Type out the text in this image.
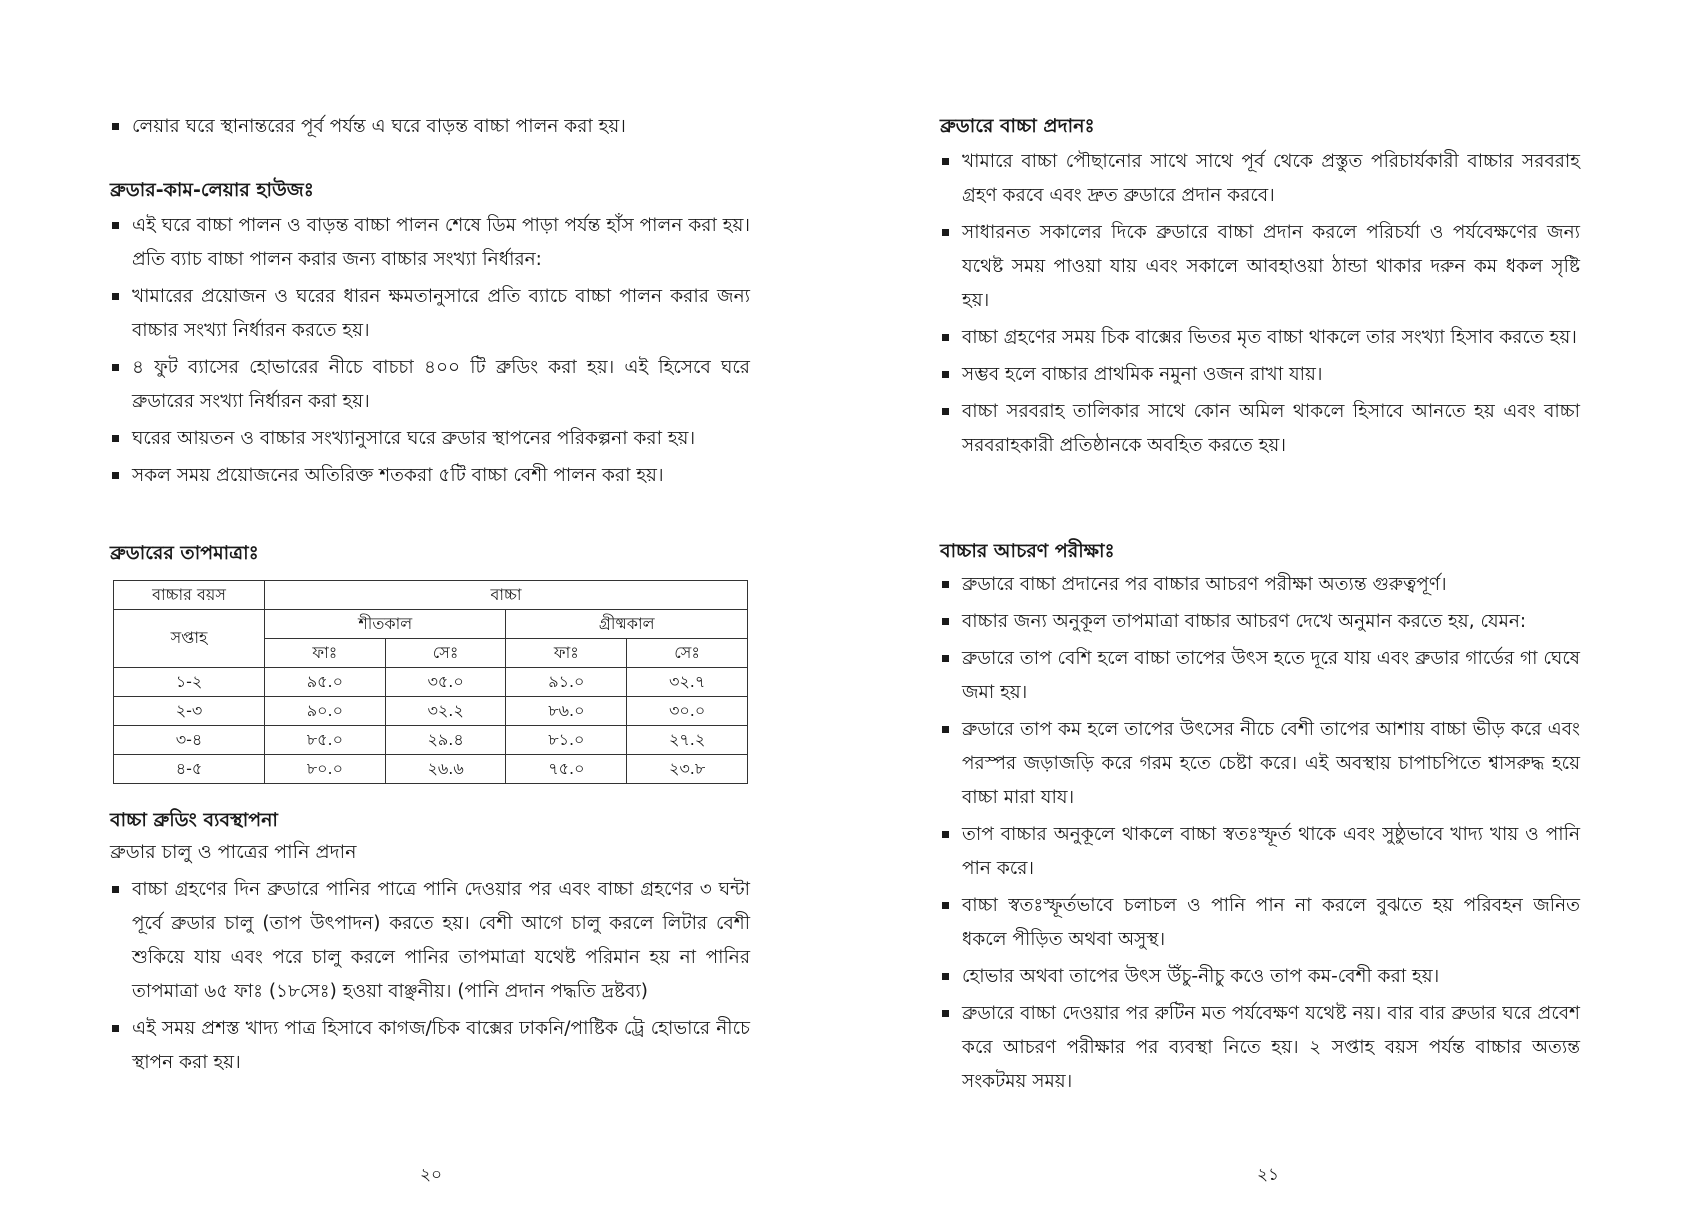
লেয়ার ঘরে স্থানান্তরের পূর্ব পর্যন্ত এ ঘরে বাড়ন্ত বাচ্চা পালন করা হয়।
ব্রুডার-কাম-লেয়ার হাউজঃ
এই ঘরে বাচ্চা পালন ও বাড়ন্ত বাচ্চা পালন শেষে ডিম পাড়া পর্যন্ত হাঁস পালন করা হয়। প্রতি ব্যাচ বাচ্চা পালন করার জন্য বাচ্চার সংখ্যা নির্ধারন:
খামারের প্রয়োজন ও ঘরের ধারন ক্ষমতানুসারে প্রতি ব্যাচে বাচ্চা পালন করার জন্য বাচ্চার সংখ্যা নির্ধারন করতে হয়।
৪ ফুট ব্যাসের হোভারের নীচে বাচচা ৪০০ টি ব্রুডিং করা হয়। এই হিসেবে ঘরে ব্রুডারের সংখ্যা নির্ধারন করা হয়।
ঘরের আয়তন ও বাচ্চার সংখ্যানুসারে ঘরে ব্রুডার স্থাপনের পরিকল্পনা করা হয়।
সকল সময় প্রয়োজনের অতিরিক্ত শতকরা ৫টি বাচ্চা বেশী পালন করা হয়।
ব্রুডারের তাপমাত্রাঃ
বাচ্চার বয়স	বাচ্চা			
সপ্তাহ	শীতকাল		গ্রীষ্মকাল	
	ফাঃ	সেঃ	ফাঃ	সেঃ
১-২	৯৫.০	৩৫.০	৯১.০	৩২.৭
২-৩	৯০.০	৩২.২	৮৬.০	৩০.০
৩-৪	৮৫.০	২৯.৪	৮১.০	২৭.২
৪-৫	৮০.০	২৬.৬	৭৫.০	২৩.৮
বাচ্চা ব্রুডিং ব্যবস্থাপনা

ব্রুডার চালু ও পাত্রের পানি প্রদান

বাচ্চা গ্রহণের দিন ব্রুডারে পানির পাত্রে পানি দেওয়ার পর এবং বাচ্চা গ্রহণের ৩ ঘন্টা পূর্বে ব্রুডার চালু (তাপ উৎপাদন) করতে হয়। বেশী আগে চালু করলে লিটার বেশী শুকিয়ে যায় এবং পরে চালু করলে পানির তাপমাত্রা যথেষ্ট পরিমান হয় না পানির তাপমাত্রা ৬৫ ফাঃ (১৮সেঃ) হওয়া বাঞ্ছনীয়। (পানি প্রদান পদ্ধতি দ্রষ্টব্য)
এই সময় প্রশস্ত খাদ্য পাত্র হিসাবে কাগজ/চিক বাক্সের ঢাকনি/পাষ্টিক ট্রে হোভারে নীচে স্থাপন করা হয়।
২০
ব্রুডারে বাচ্চা প্রদানঃ
খামারে বাচ্চা পৌছানোর সাথে সাথে পূর্ব থেকে প্রস্তুত পরিচার্যকারী বাচ্চার সরবরাহ গ্রহণ করবে এবং দ্রুত ব্রুডারে প্রদান করবে।
সাধারনত সকালের দিকে ব্রুডারে বাচ্চা প্রদান করলে পরিচর্যা ও পর্যবেক্ষণের জন্য যথেষ্ট সময় পাওয়া যায় এবং সকালে আবহাওয়া ঠান্ডা থাকার দরুন কম ধকল সৃষ্টি হয়।
বাচ্চা গ্রহণের সময় চিক বাক্সের ভিতর মৃত বাচ্চা থাকলে তার সংখ্যা হিসাব করতে হয়।
সম্ভব হলে বাচ্চার প্রাথমিক নমুনা ওজন রাখা যায়।
বাচ্চা সরবরাহ তালিকার সাথে কোন অমিল থাকলে হিসাবে আনতে হয় এবং বাচ্চা সরবরাহকারী প্রতিষ্ঠানকে অবহিত করতে হয়।
বাচ্চার আচরণ পরীক্ষাঃ
ব্রুডারে বাচ্চা প্রদানের পর বাচ্চার আচরণ পরীক্ষা অত্যন্ত গুরুত্বপূর্ণ।
বাচ্চার জন্য অনুকূল তাপমাত্রা বাচ্চার আচরণ দেখে অনুমান করতে হয়, যেমন:
ব্রুডারে তাপ বেশি হলে বাচ্চা তাপের উৎস হতে দূরে যায় এবং ব্রুডার গার্ডের গা ঘেষে জমা হয়।
ব্রুডারে তাপ কম হলে তাপের উৎসের নীচে বেশী তাপের আশায় বাচ্চা ভীড় করে এবং পরস্পর জড়াজড়ি করে গরম হতে চেষ্টা করে। এই অবস্থায় চাপাচপিতে শ্বাসরুদ্ধ হয়ে বাচ্চা মারা যায।
তাপ বাচ্চার অনুকূলে থাকলে বাচ্চা স্বতঃস্ফূর্ত থাকে এবং সুষ্ঠুভাবে খাদ্য খায় ও পানি পান করে।
বাচ্চা স্বতঃস্ফূর্তভাবে চলাচল ও পানি পান না করলে বুঝতে হয় পরিবহন জনিত ধকলে পীড়িত অথবা অসুস্থ।
হোভার অথবা তাপের উৎস উঁচু-নীচু কওে তাপ কম-বেশী করা হয়।
ব্রুডারে বাচ্চা দেওয়ার পর রুটিন মত পর্যবেক্ষণ যথেষ্ট নয়। বার বার ব্রুডার ঘরে প্রবেশ করে আচরণ পরীক্ষার পর ব্যবস্থা নিতে হয়। ২ সপ্তাহ বয়স পর্যন্ত বাচ্চার অত্যন্ত সংকটময় সময়।
২১
